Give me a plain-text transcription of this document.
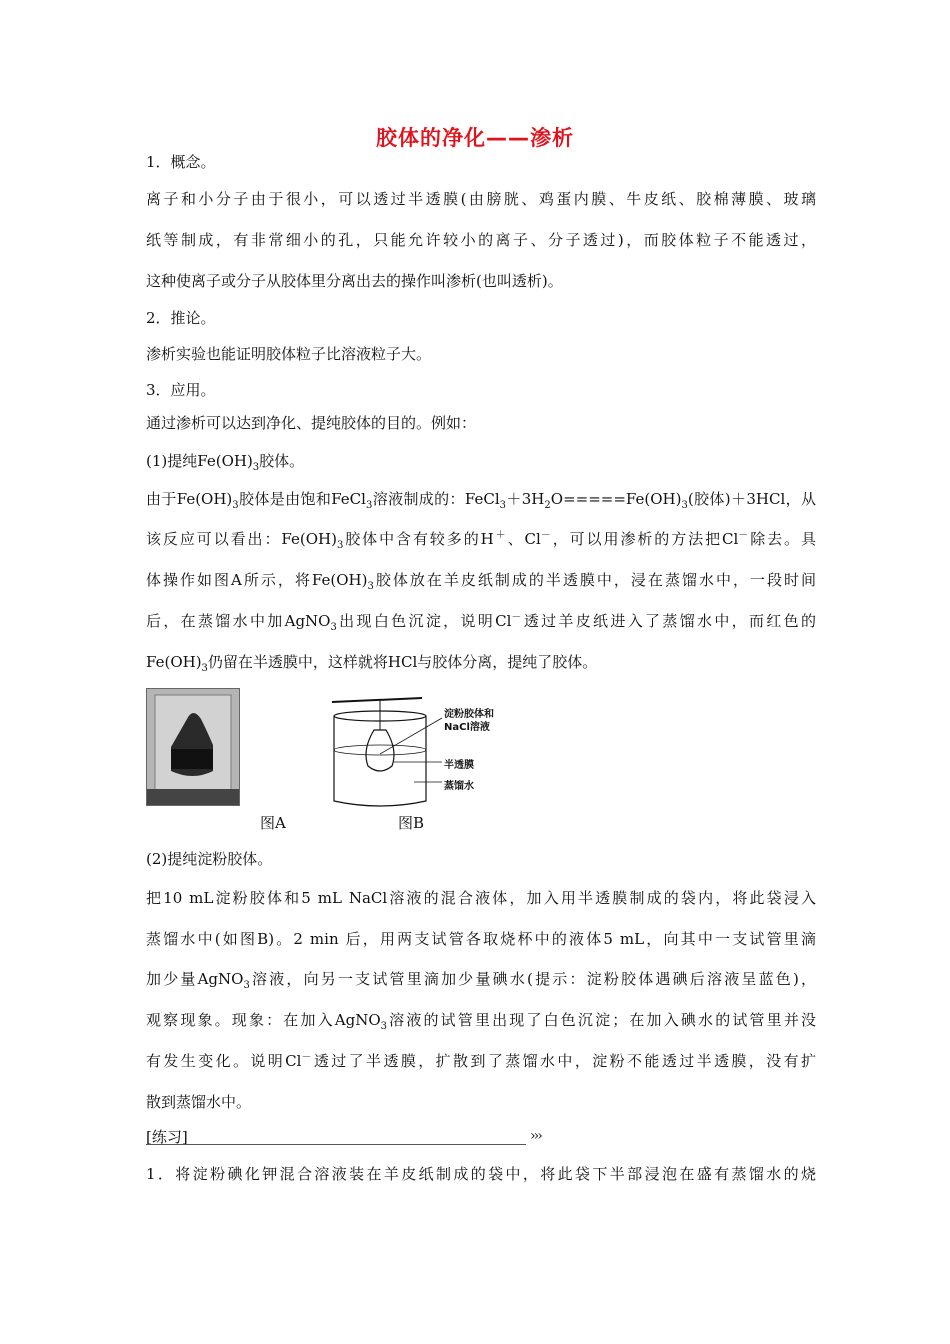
胶体的净化——渗析
1．概念。
离子和小分子由于很小，可以透过半透膜(由膀胱、鸡蛋内膜、牛皮纸、胶棉薄膜、玻璃
纸等制成，有非常细小的孔，只能允许较小的离子、分子透过)，而胶体粒子不能透过，
这种使离子或分子从胶体里分离出去的操作叫渗析(也叫透析)。
2．推论。
渗析实验也能证明胶体粒子比溶液粒子大。
3．应用。
通过渗析可以达到净化、提纯胶体的目的。例如：
(1)提纯$Fe(OH)_3$胶体。
由于$Fe(OH)_3$胶体是由饱和FeCl$_3$溶液制成的：$FeCl_3+3H_2O=====Fe(OH)_3$(胶体)＋3HCl，从
该反应可以看出：$Fe(OH)_3$胶体中含有较多的H＋、Cl－，可以用渗析的方法把Cl－除去。具
体操作如图A所示，将$Fe(OH)_3$胶体放在羊皮纸制成的半透膜中，浸在蒸馏水中，一段时间
后，在蒸馏水中加AgNO$_3$出现白色沉淀，说明Cl－透过羊皮纸进入了蒸馏水中，而红色的
$Fe(OH)_3$仍留在半透膜中，这样就将HCl与胶体分离，提纯了胶体。
淀粉胶体和
NaCl溶液
半透膜
蒸馏水
图A	图B
(2)提纯淀粉胶体。
把10 mL淀粉胶体和5 mL NaCl溶液的混合液体，加入用半透膜制成的袋内，将此袋浸入
蒸馏水中(如图B)。2 min 后，用两支试管各取烧杯中的液体5 mL，向其中一支试管里滴
加少量AgNO$_3$溶液，向另一支试管里滴加少量碘水(提示：淀粉胶体遇碘后溶液呈蓝色)，
观察现象。现象：在加入AgNO$_3$溶液的试管里出现了白色沉淀；在加入碘水的试管里并没
有发生变化。说明Cl－透过了半透膜，扩散到了蒸馏水中，淀粉不能透过半透膜，没有扩
散到蒸馏水中。
[练习]	›››
1．将淀粉碘化钾混合溶液装在羊皮纸制成的袋中，将此袋下半部浸泡在盛有蒸馏水的烧
